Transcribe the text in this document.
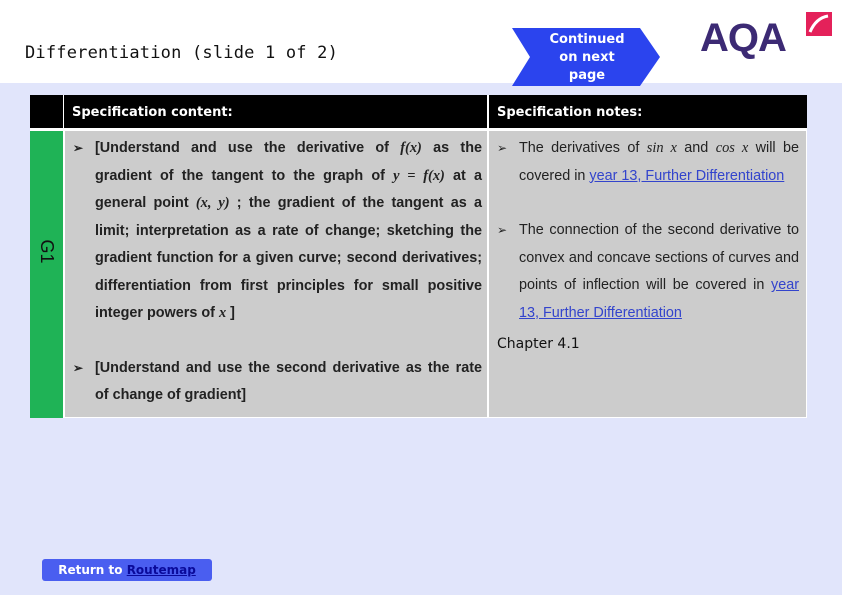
Differentiation (slide 1 of 2)
Continued on next page
AQA
Specification content:	Specification notes:
G1
➢ [Understand and use the derivative of f(x) as the gradient of the tangent to the graph of y = f(x) at a general point (x, y) ; the gradient of the tangent as a limit; interpretation as a rate of change; sketching the gradient function for a given curve; second derivatives; differentiation from first principles for small positive integer powers of x ]
➢ [Understand and use the second derivative as the rate of change of gradient]
➢ The derivatives of sin x and cos x will be covered in year 13, Further Differentiation
➢ The connection of the second derivative to convex and concave sections of curves and points of inflection will be covered in year 13, Further Differentiation
Chapter 4.1
Return to Routemap
